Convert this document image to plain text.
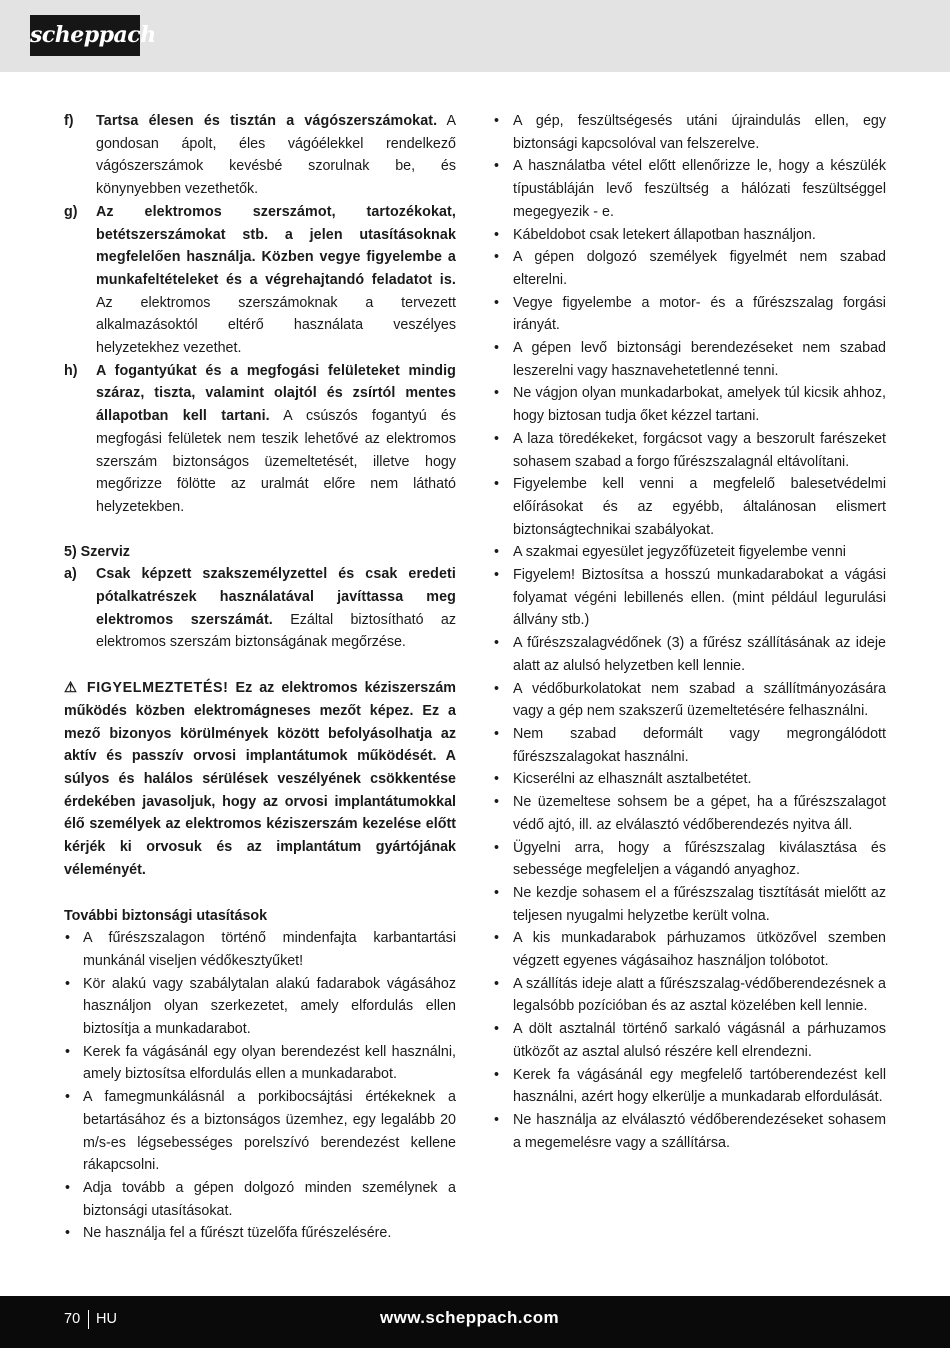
scheppach
f) Tartsa élesen és tisztán a vágószerszámokat. A gondosan ápolt, éles vágóélekkel rendelkező vágószerszámok kevésbé szorulnak be, és könynyebben vezethetők.
g) Az elektromos szerszámot, tartozékokat, betétszerszámokat stb. a jelen utasításoknak megfelelően használja. Közben vegye figyelembe a munkafeltételeket és a végrehajtandó feladatot is. Az elektromos szerszámoknak a tervezett alkalmazásoktól eltérő használata veszélyes helyzetekhez vezethet.
h) A fogantyúkat és a megfogási felületeket mindig száraz, tiszta, valamint olajtól és zsírtól mentes állapotban kell tartani. A csúszós fogantyú és megfogási felületek nem teszik lehetővé az elektromos szerszám biztonságos üzemeltetését, illetve hogy megőrizze fölötte az uralmát előre nem látható helyzetekben.
5) Szerviz
a) Csak képzett szakszemélyzettel és csak eredeti pótalkatrészek használatával javíttassa meg elektromos szerszámát. Ezáltal biztosítható az elektromos szerszám biztonságának megőrzése.
⚠ FIGYELMEZTETÉS! Ez az elektromos kéziszerszám működés közben elektromágneses mezőt képez. Ez a mező bizonyos körülmények között befolyásolhatja az aktív és passzív orvosi implantátumok működését. A súlyos és halálos sérülések veszélyének csökkentése érdekében javasoljuk, hogy az orvosi implantátumokkal élő személyek az elektromos kéziszerszám kezelése előtt kérjék ki orvosuk és az implantátum gyártójának véleményét.
További biztonsági utasítások
• A fűrészszalagon történő mindenfajta karbantartási munkánál viseljen védőkesztyűket!
• Kör alakú vagy szabálytalan alakú fadarabok vágásához használjon olyan szerkezetet, amely elfordulás ellen biztosítja a munkadarabot.
• Kerek fa vágásánál egy olyan berendezést kell használni, amely biztosítsa elfordulás ellen a munkadarabot.
• A famegmunkálásnál a porkibocsájtási értékeknek a betartásához és a biztonságos üzemhez, egy legalább 20 m/s-es légsebességes porelszívó berendezést kellene rákapcsolni.
• Adja tovább a gépen dolgozó minden személynek a biztonsági utasításokat.
• Ne használja fel a fűrészt tüzelőfa fűrészelésére.
• A gép, feszültségesés utáni újraindulás ellen, egy biztonsági kapcsolóval van felszerelve.
• A használatba vétel előtt ellenőrizze le, hogy a készülék típustábláján levő feszültség a hálózati feszültséggel megegyezik - e.
• Kábeldobot csak letekert állapotban használjon.
• A gépen dolgozó személyek figyelmét nem szabad elterelni.
• Vegye figyelembe a motor- és a fűrészszalag forgási irányát.
• A gépen levő biztonsági berendezéseket nem szabad leszerelni vagy hasznavehetetlenné tenni.
• Ne vágjon olyan munkadarbokat, amelyek túl kicsik ahhoz, hogy biztosan tudja őket kézzel tartani.
• A laza töredékeket, forgácsot vagy a beszorult farészeket sohasem szabad a forgo fűrészszalagnál eltávolítani.
• Figyelembe kell venni a megfelelő balesetvédelmi előírásokat és az egyébb, általánosan elismert biztonságtechnikai szabályokat.
• A szakmai egyesület jegyzőfüzeteit figyelembe venni
• Figyelem! Biztosítsa a hosszú munkadarabokat a vágási folyamat végéni lebillenés ellen. (mint például legurulási állvány stb.)
• A fűrészszalagvédőnek (3) a fűrész szállításának az ideje alatt az alulsó helyzetben kell lennie.
• A védőburkolatokat nem szabad a szállítmányozására vagy a gép nem szakszerű üzemeltetésére felhasználni.
• Nem szabad deformált vagy megrongálódott fűrészszalagokat használni.
• Kicserélni az elhasznált asztalbetétet.
• Ne üzemeltese sohsem be a gépet, ha a fűrészszalagot védő ajtó, ill. az elválasztó védőberendezés nyitva áll.
• Ügyelni arra, hogy a fűrészszalag kiválasztása és sebessége megfeleljen a vágandó anyaghoz.
• Ne kezdje sohasem el a fűrészszalag tisztítását mielőtt az teljesen nyugalmi helyzetbe került volna.
• A kis munkadarabok párhuzamos ütközővel szemben végzett egyenes vágásaihoz használjon tolóbotot.
• A szállítás ideje alatt a fűrészszalag-védőberendezésnek a legalsóbb pozícióban és az asztal közelében kell lennie.
• A dölt asztalnál történő sarkaló vágásnál a párhuzamos ütközőt az asztal alulsó részére kell elrendezni.
• Kerek fa vágásánál egy megfelelő tartóberendezést kell használni, azért hogy elkerülje a munkadarab elfordulását.
• Ne használja az elválasztó védőberendezéseket sohasem a megemelésre vagy a szállítársa.
70 HU	www.scheppach.com
